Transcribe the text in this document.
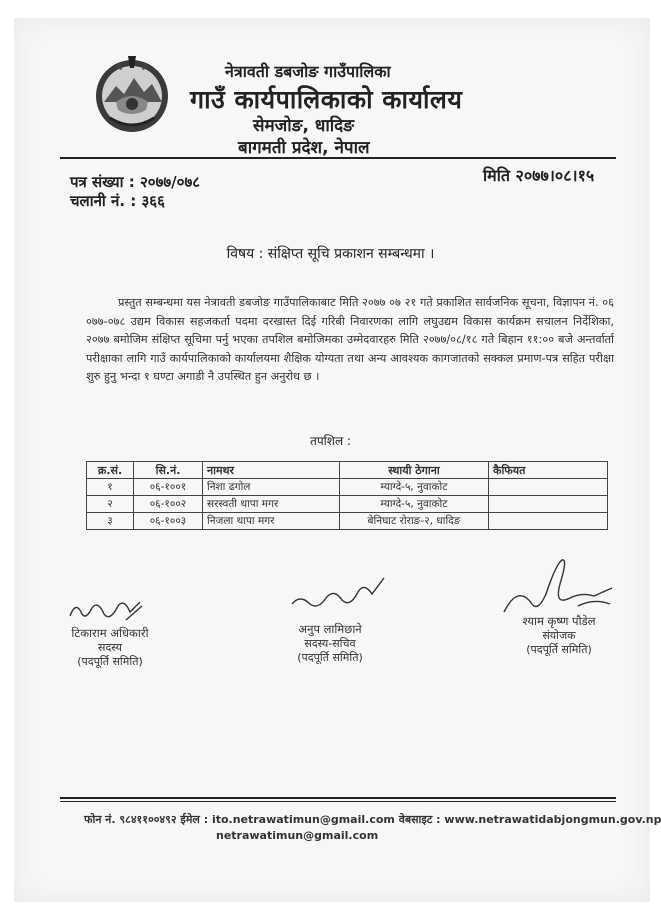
नेत्रावती डबजोङ गाउँपालिका
गाउँ कार्यपालिकाको कार्यालय
सेमजोङ, धादिङ
बागमती प्रदेश, नेपाल
पत्र संख्या : २०७७/०७८
चलानी नं. : ३६६
मिति २०७७।०८।१५
विषय : संक्षिप्त सूचि प्रकाशन सम्बन्धमा ।
प्रस्तुत सम्बन्धमा यस नेत्रावती डबजोङ गाउँपालिकाबाट मिति २०७७ ०७ २१ गते प्रकाशित सार्वजनिक सूचना, विज्ञापन नं. ०६ ०७७-०७८ उद्यम विकास सहजकर्ता पदमा दरखास्त दिई गरिबी निवारणका लागि लघुउद्यम विकास कार्यक्रम सचालन निर्देशिका, २०७७ बमोजिम संक्षिप्त सूचिमा पर्नु भएका तपशिल बमोजिमका उम्मेदवारहरु मिति २०७७/०८/१८ गते बिहान ११:०० बजे अन्तर्वार्ता परीक्षाका लागि गाउँ कार्यपालिकाको कार्यालयमा शैक्षिक योग्यता तथा अन्य आवश्यक कागजातको सक्कल प्रमाण-पत्र सहित परीक्षा शुरु हुनु भन्दा १ घण्टा अगाडी नै उपस्थित हुन अनुरोध छ ।
तपशिल :
क्र.सं.	सि.नं.	नामथर	स्थायी ठेगाना	कैफियत
१	०६-१००१	निशा ढगोल	म्याग्दे-५, नुवाकोट	
२	०६-१००२	सरस्वती थापा मगर	म्याग्दे-५, नुवाकोट	
३	०६-१००३	निजला थापा मगर	बेनिघाट रोराङ-२, धादिङ	
टिकाराम अधिकारी
सदस्य
(पदपूर्ति समिति)
अनुप लामिछाने
सदस्य-सचिव
(पदपूर्ति समिति)
श्याम कृष्ण पौडेल
संयोजक
(पदपूर्ति समिति)
फोन नं. ९८४११००४९२ ईमेल : ito.netrawatimun@gmail.com वेबसाइट : www.netrawatidabjongmun.gov.np
netrawatimun@gmail.com
